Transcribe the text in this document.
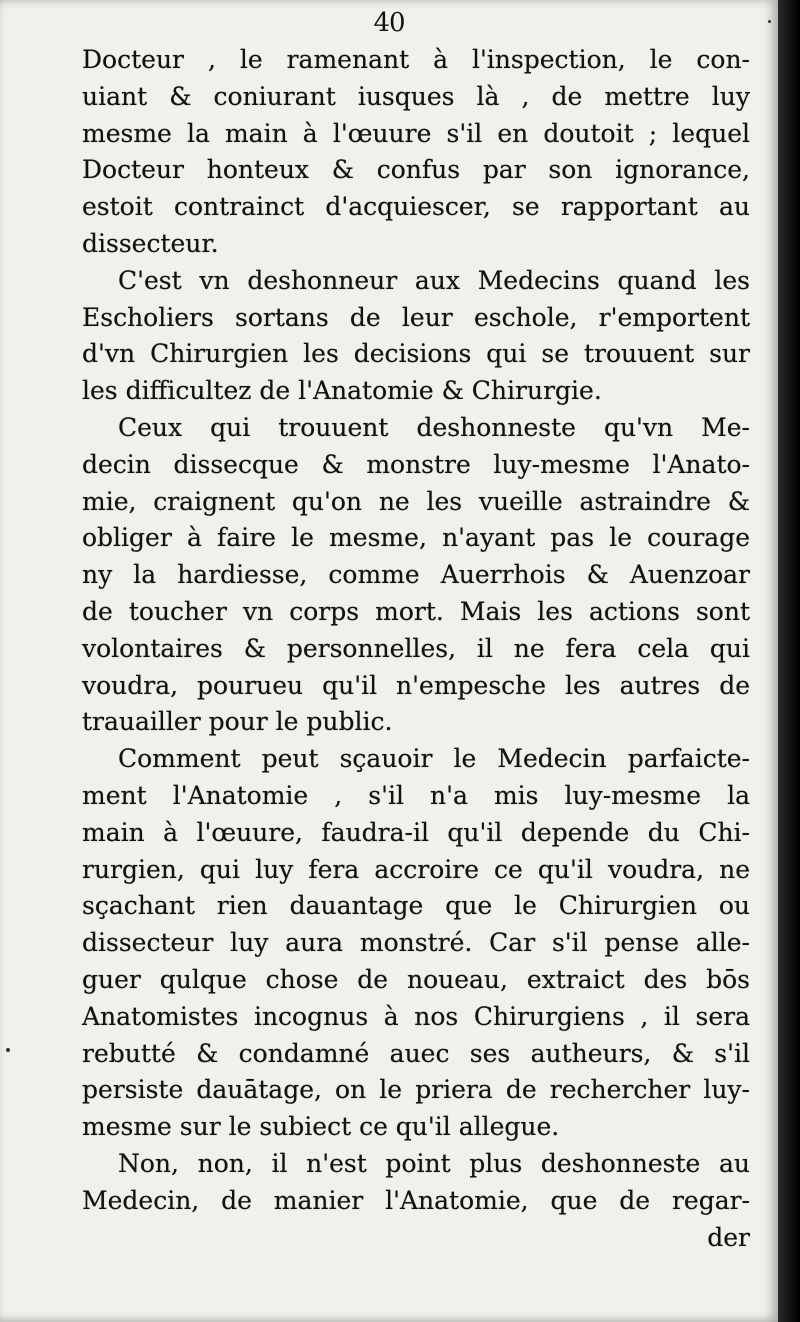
40
Docteur , le ramenant à l'inspection, le con-
uiant & coniurant iusques là , de mettre luy
mesme la main à l'œuure s'il en doutoit ; lequel
Docteur honteux & confus par son ignorance,
estoit contrainct d'acquiescer, se rapportant au
dissecteur.
C'est vn deshonneur aux Medecins quand les
Escholiers sortans de leur eschole, r'emportent
d'vn Chirurgien les decisions qui se trouuent sur
les difficultez de l'Anatomie & Chirurgie.
Ceux qui trouuent deshonneste qu'vn Me-
decin dissecque & monstre luy-mesme l'Anato-
mie, craignent qu'on ne les vueille astraindre &
obliger à faire le mesme, n'ayant pas le courage
ny la hardiesse, comme Auerrhois & Auenzoar
de toucher vn corps mort. Mais les actions sont
volontaires & personnelles, il ne fera cela qui
voudra, pourueu qu'il n'empesche les autres de
trauailler pour le public.
Comment peut sçauoir le Medecin parfaicte-
ment l'Anatomie , s'il n'a mis luy-mesme la
main à l'œuure, faudra-il qu'il depende du Chi-
rurgien, qui luy fera accroire ce qu'il voudra, ne
sçachant rien dauantage que le Chirurgien ou
dissecteur luy aura monstré. Car s'il pense alle-
guer qulque chose de noueau, extraict des bōs
Anatomistes incognus à nos Chirurgiens , il sera
rebutté & condamné auec ses autheurs, & s'il
persiste dauātage, on le priera de rechercher luy-
mesme sur le subiect ce qu'il allegue.
Non, non, il n'est point plus deshonneste au
Medecin, de manier l'Anatomie, que de regar-
der
